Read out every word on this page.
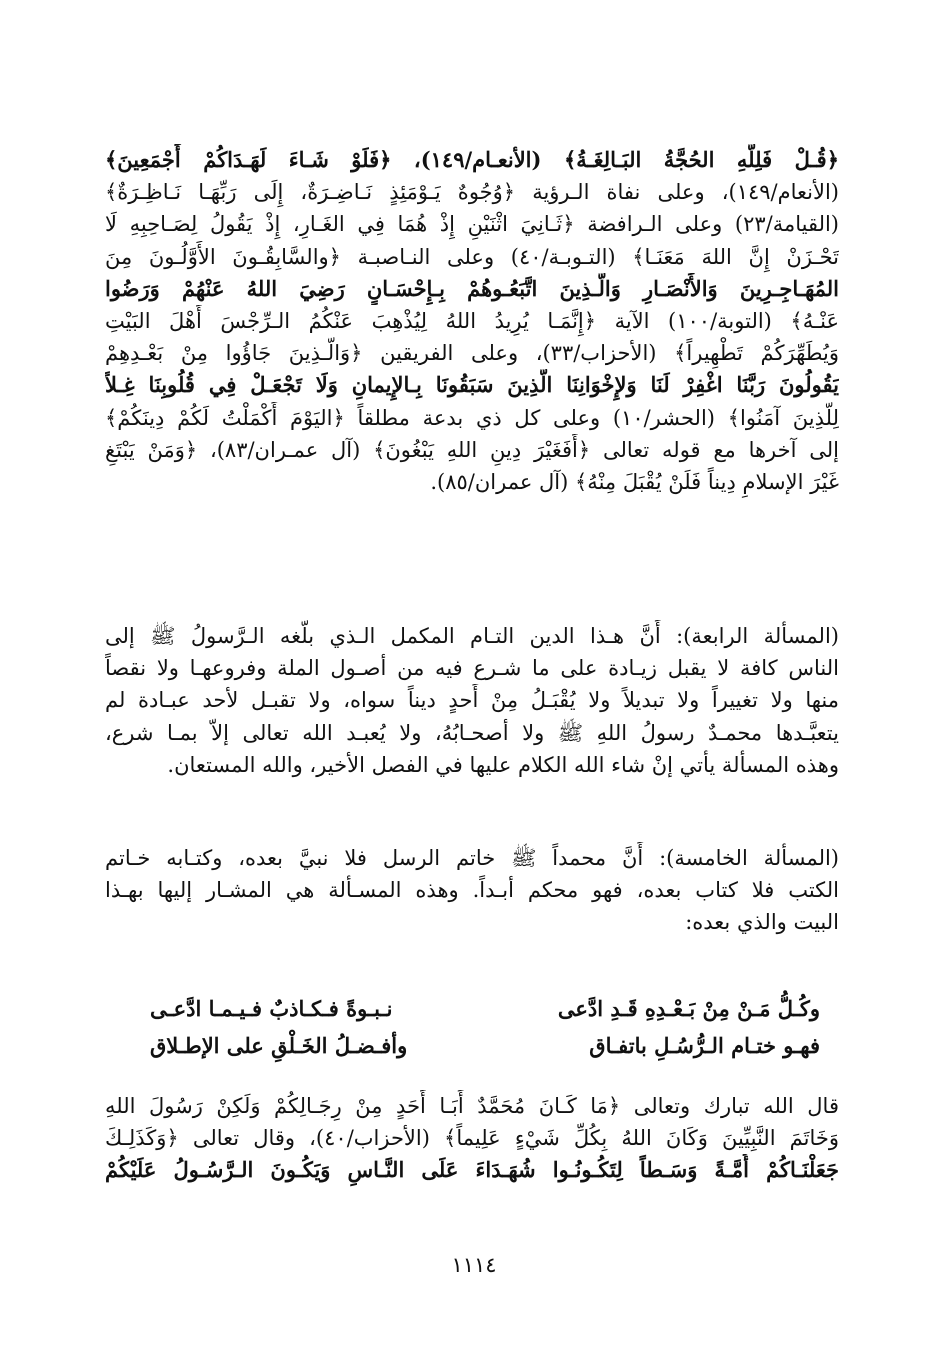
﴿قُـلْ فَلِلَّهِ الحُجَّةُ البَـالِغَـةُ﴾ (الأنعـام/١٤٩)، ﴿فَلَوْ شَـاءَ لَهَـدَاكُمْ أَجْمَعِينَ﴾
(الأنعام/١٤٩)، وعلى نفاة الـرؤية ﴿وُجُوهٌ يَـوْمَئِذٍ نَـاضِـرَةٌ، إِلَى رَبِّهَـا نَـاظِـرَةٌ﴾
(القيامة/٢٣) وعلى الـرافضة ﴿ثَـانِيَ اثْنَيْنِ إِذْ هُمَا فِي الغَـارِ، إِذْ يَقُولُ لِصَـاحِبِهِ لَا
تَحْـزَنْ إِنَّ اللهَ مَعَنَـا﴾ (التـوبـة/٤٠) وعلى النـاصبـة ﴿والسَّابِقُـونَ الأَوَّلُـونَ مِنَ
المُهَـاجِـرِينَ وَالأَنْصَـارِ وَالَّـذِينَ اتَّبَعُـوهُمْ بِـإِحْسَـانٍ رَضِيَ اللهُ عَنْهُمْ وَرَضُوا
عَنْـهُ﴾ (التوبة/١٠٠) الآية ﴿إِنَّمَـا يُرِيدُ اللهُ لِيُذْهِبَ عَنْكُمُ الـرِّجْسَ أَهْلَ البَيْتِ
وَيُطَهِّرَكُمْ تَطْهِيراً﴾ (الأحزاب/٣٣)، وعلى الفريقين ﴿وَالَّـذِينَ جَاؤُوا مِنْ بَعْـدِهِمْ
يَقُولُونَ رَبَّنَا اغْفِرْ لَنَا وَلإِخْوَانِنَا الَّذِينَ سَبَقُونَا بِـالإِيمانِ وَلَا تَجْعَـلْ فِي قُلُوبِنَا غِـلاً
لِلَّذِينَ آمَنُوا﴾ (الحشر/١٠) وعلى كل ذي بدعة مطلقاً ﴿اليَوْمَ أَكْمَلْتُ لَكُمْ دِينَكُمْ﴾
إلى آخرها مع قوله تعالى ﴿أَفَغَيْرَ دِينِ اللهِ يَبْغُونَ﴾ (آل عمـران/٨٣)، ﴿وَمَنْ يَبْتَغِ
غَيْرَ الإسلامِ دِيناً فَلَنْ يُقْبَلَ مِنْهُ﴾ (آل عمران/٨٥).
(المسألة الرابعة): أَنَّ هـذا الدين التـام المكمل الـذي بلَّغه الـرَّسولُ ﷺ إلى
الناس كافة لا يقبل زيـادة على ما شـرع فيه من أصـول الملة وفروعهـا ولا نقصاً
منها ولا تغييراً ولا تبديلاً ولا يُقْبَـلُ مِنْ أَحدٍ ديناً سواه، ولا تقبـل لأحد عبـادة لم
يتعبَّـدها محمـدٌ رسولُ اللهِ ﷺ ولا أصحـابُهُ، ولا يُعبـد الله تعالى إلاّ بمـا شرع،
وهذه المسألة يأتي إنْ شاء الله الكلام عليها في الفصل الأخير، والله المستعان.
(المسألة الخامسة): أَنَّ محمداً ﷺ خاتم الرسل فلا نبيَّ بعده، وكتـابه خـاتم
الكتب فلا كتاب بعده، فهو محكم أبـداً. وهذه المسـألة هي المشـار إليها بهـذا
البيت والذي بعده:
وكُـلُّ مَـنْ مِنْ بَـعْـدِهِ قَـدِ ادَّعى
نـبـوةً فـكـاذبٌ فـيـمـا ادَّعـى
فهـو ختـام الـرُّسُـلِ باتفـاق
وأفـضـلُ الخَـلْقِ على الإطـلاق
قال الله تبارك وتعالى ﴿مَا كَـانَ مُحَمَّدٌ أَبَـا أَحَدٍ مِنْ رِجَـالِكُمْ وَلَكِنْ رَسُولَ اللهِ
وَخَاتَمَ النَّبِيِّينَ وَكَانَ اللهُ بِكُلِّ شَيْءٍ عَلِيماً﴾ (الأحزاب/٤٠)، وقال تعالى ﴿وَكَذَلِـكَ
جَعَلْنَـاكُمْ أُمَّـةً وَسَـطاً لِتَكُـونُـوا شُهَـدَاءَ عَلَى النَّـاسِ وَيَكُـونَ الـرَّسُـولُ عَلَيْكُمْ
١١١٤
